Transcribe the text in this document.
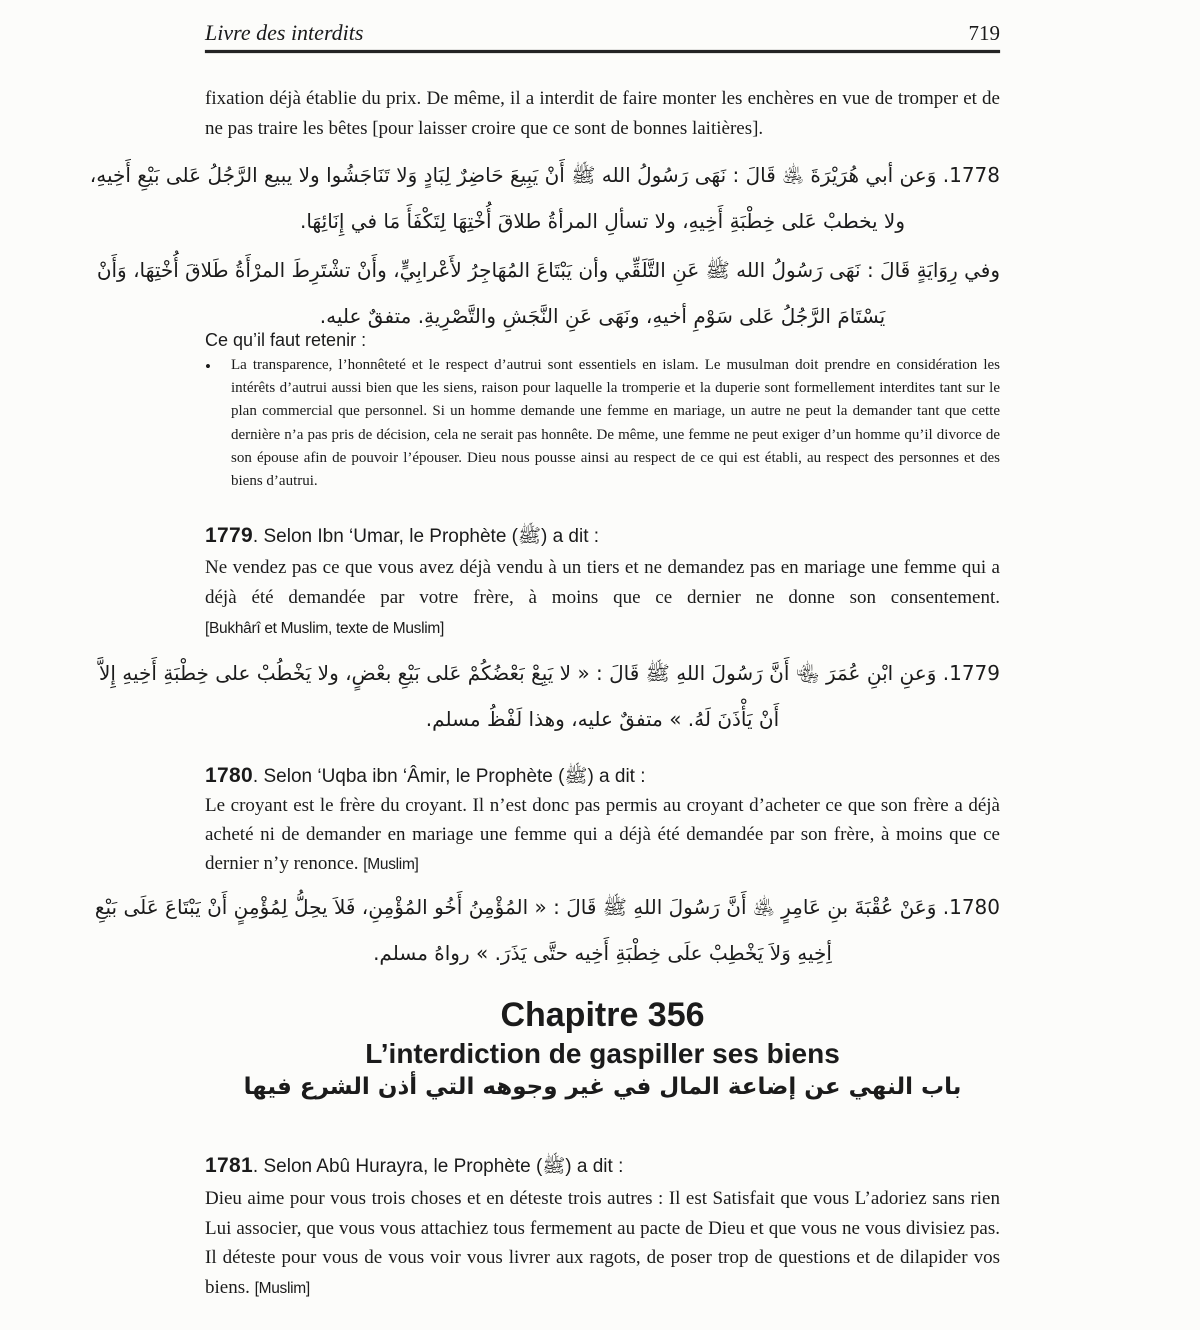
Livre des interdits	719
fixation déjà établie du prix. De même, il a interdit de faire monter les enchères en vue de tromper et de ne pas traire les bêtes [pour laisser croire que ce sont de bonnes laitières].
1778. وَعن أبي هُرَيْرَةَ ﵁ قَالَ : نَهَى رَسُولُ الله ﷺ أَنْ يَبِيعَ حَاضِرٌ لِبَادٍ وَلا تَنَاجَشُوا ولا يبيع الرَّجُلُ عَلى بَيْعِ أَخِيهِ،
ولا يخطبْ عَلى خِطْبَةِ أَخِيهِ، ولا تسألِ المرأةُ طلاقَ أُخْتِهَا لِتَكْفَأَ مَا في إِنَائِهَا.
وفي رِوَايَةٍ قَالَ : نَهَى رَسُولُ الله ﷺ عَنِ التَّلَقِّي وأن يَبْتَاعَ المُهَاجِرُ لأَعْرابِيٍّ، وأَنْ تشْتَرِطَ المرْأَةُ طَلاقَ أُخْتِهَا، وَأَنْ
يَسْتَامَ الرَّجُلُ عَلى سَوْمِ أخيهِ، ونَهَى عَنِ النَّجَشِ والتَّصْرِيةِ. متفقٌ عليه.
Ce qu’il faut retenir :
•	La transparence, l’honnêteté et le respect d’autrui sont essentiels en islam. Le musulman doit prendre en considération les intérêts d’autrui aussi bien que les siens, raison pour laquelle la tromperie et la duperie sont formellement interdites tant sur le plan commercial que personnel. Si un homme demande une femme en mariage, un autre ne peut la demander tant que cette dernière n’a pas pris de décision, cela ne serait pas honnête. De même, une femme ne peut exiger d’un homme qu’il divorce de son épouse afin de pouvoir l’épouser. Dieu nous pousse ainsi au respect de ce qui est établi, au respect des personnes et des biens d’autrui.
1779. Selon Ibn ‘Umar, le Prophète (ﷺ) a dit :
Ne vendez pas ce que vous avez déjà vendu à un tiers et ne demandez pas en mariage une femme qui a déjà été demandée par votre frère, à moins que ce dernier ne donne son consentement. [Bukhârî et Muslim, texte de Muslim]
1779. وَعنِ ابْنِ عُمَرَ ﵄ أَنَّ رَسُولَ اللهِ ﷺ قَالَ : « لا يَبِعْ بَعْضُكُمْ عَلى بَيْعِ بعْضٍ، ولا يَخْطُبْ على خِطْبَةِ أَخِيهِ إِلاَّ
أَنْ يَأْذَنَ لَهُ. » متفقٌ عليه، وهذا لَفْظُ مسلم.
1780. Selon ‘Uqba ibn ‘Âmir, le Prophète (ﷺ) a dit :
Le croyant est le frère du croyant. Il n’est donc pas permis au croyant d’acheter ce que son frère a déjà acheté ni de demander en mariage une femme qui a déjà été demandée par son frère, à moins que ce dernier n’y renonce. [Muslim]
1780. وَعَنْ عُقْبَةَ بنِ عَامِرٍ ﵁ أَنَّ رَسُولَ اللهِ ﷺ قَالَ : « المُؤْمِنُ أَخُو المُؤْمِنِ، فَلاَ يحِلُّ لِمُؤْمِنٍ أَنْ يَبْتَاعَ عَلَى بَيْعِ
أِخِيهِ وَلاَ يَخْطِبْ علَى خِطْبَةِ أَخِيه حتَّى يَذَرَ. » رواهُ مسلم.
Chapitre 356
L’interdiction de gaspiller ses biens
باب النهي عن إضاعة المال في غير وجوهه التي أذن الشرع فيها
1781. Selon Abû Hurayra, le Prophète (ﷺ) a dit :
Dieu aime pour vous trois choses et en déteste trois autres : Il est Satisfait que vous L’adoriez sans rien Lui associer, que vous vous attachiez tous fermement au pacte de Dieu et que vous ne vous divisiez pas. Il déteste pour vous de vous voir vous livrer aux ragots, de poser trop de questions et de dilapider vos biens. [Muslim]
